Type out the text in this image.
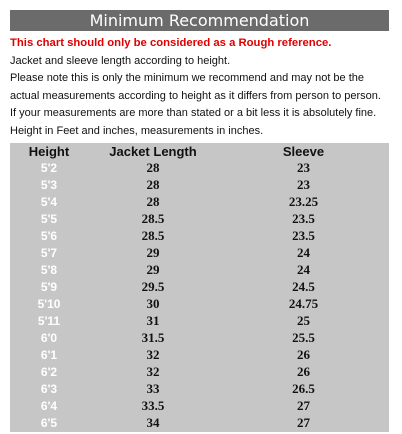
Minimum Recommendation
This chart should only be considered as a Rough reference.
Jacket and sleeve length according to height.
Please note this is only the minimum we recommend and may not be the
actual measurements according to height as it differs from person to person.
If your measurements are more than stated or a bit less it is absolutely fine.
Height in Feet and inches, measurements in inches.
Height	Jacket Length	Sleeve
5'2	28	23
5'3	28	23
5'4	28	23.25
5'5	28.5	23.5
5'6	28.5	23.5
5'7	29	24
5'8	29	24
5'9	29.5	24.5
5'10	30	24.75
5'11	31	25
6'0	31.5	25.5
6'1	32	26
6'2	32	26
6'3	33	26.5
6'4	33.5	27
6'5	34	27
